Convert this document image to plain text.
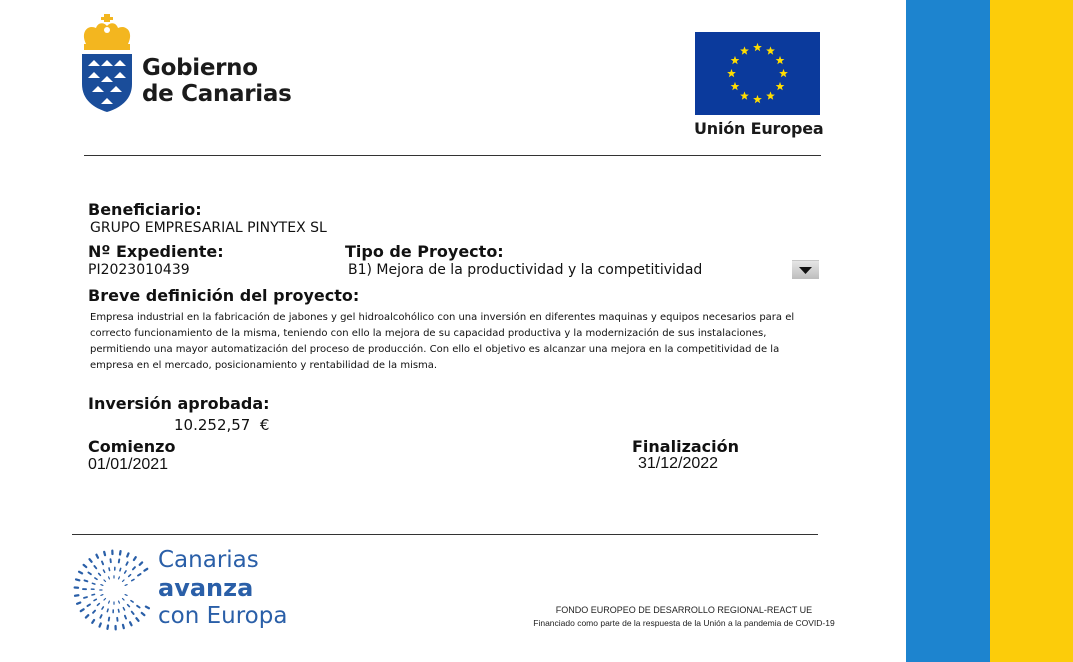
Gobierno
de Canarias
Unión Europea
Beneficiario:
GRUPO EMPRESARIAL PINYTEX SL
Nº Expediente:
PI2023010439
Tipo de Proyecto:
B1) Mejora de la productividad y la competitividad
Breve definición del proyecto:
Empresa industrial en la fabricación de jabones y gel hidroalcohólico con una inversión en diferentes maquinas y equipos necesarios para el correcto funcionamiento de la misma, teniendo con ello la mejora de su capacidad productiva y la modernización de sus instalaciones, permitiendo una mayor automatización del proceso de producción. Con ello el objetivo es alcanzar una mejora en la competitividad de la empresa en el mercado, posicionamiento y rentabilidad de la misma.
Inversión aprobada:
10.252,57 €
Comienzo
01/01/2021
Finalización
31/12/2022
Canarias
avanza
con Europa	FONDO EUROPEO DE DESARROLLO REGIONAL-REACT UE
Financiado como parte de la respuesta de la Unión a la pandemia de COVID-19
